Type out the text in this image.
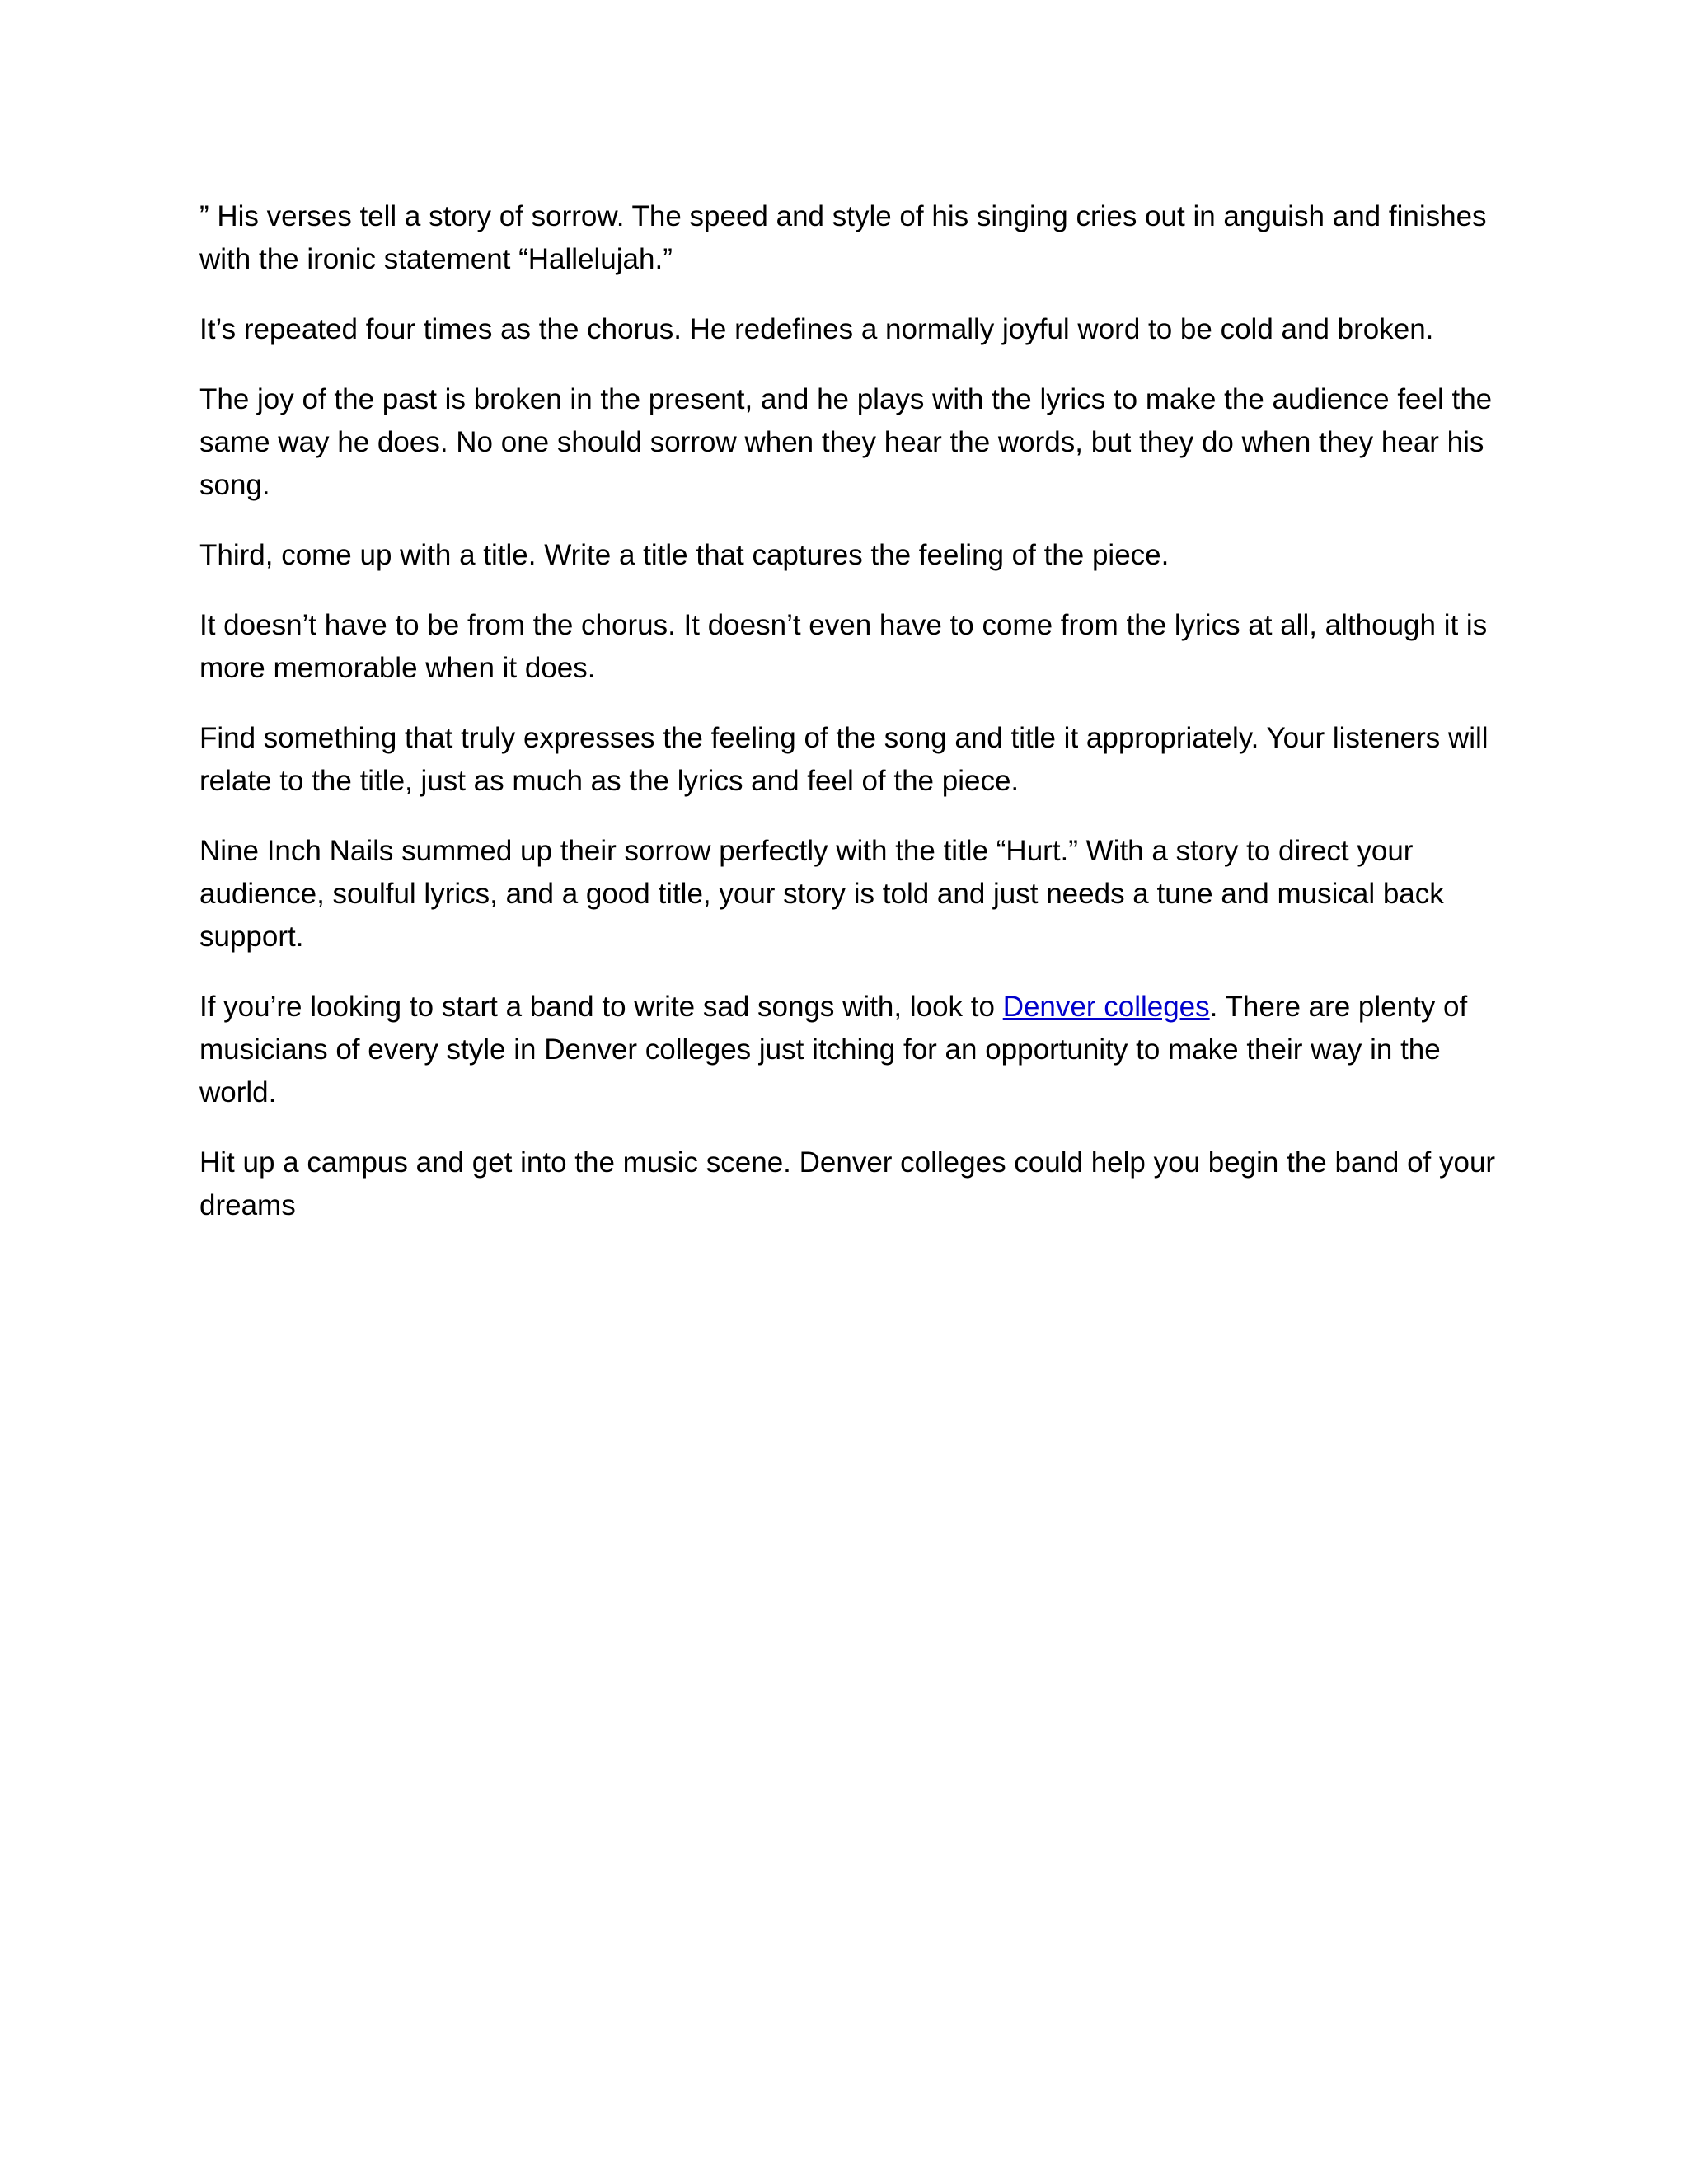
” His verses tell a story of sorrow. The speed and style of his singing cries out in anguish and finishes with the ironic statement “Hallelujah.”

It’s repeated four times as the chorus. He redefines a normally joyful word to be cold and broken.

The joy of the past is broken in the present, and he plays with the lyrics to make the audience feel the same way he does. No one should sorrow when they hear the words, but they do when they hear his song.

Third, come up with a title. Write a title that captures the feeling of the piece.

It doesn’t have to be from the chorus. It doesn’t even have to come from the lyrics at all, although it is more memorable when it does.

Find something that truly expresses the feeling of the song and title it appropriately. Your listeners will relate to the title, just as much as the lyrics and feel of the piece.

Nine Inch Nails summed up their sorrow perfectly with the title “Hurt.” With a story to direct your audience, soulful lyrics, and a good title, your story is told and just needs a tune and musical back support.

If you’re looking to start a band to write sad songs with, look to Denver colleges. There are plenty of musicians of every style in Denver colleges just itching for an opportunity to make their way in the world.

Hit up a campus and get into the music scene. Denver colleges could help you begin the band of your dreams
